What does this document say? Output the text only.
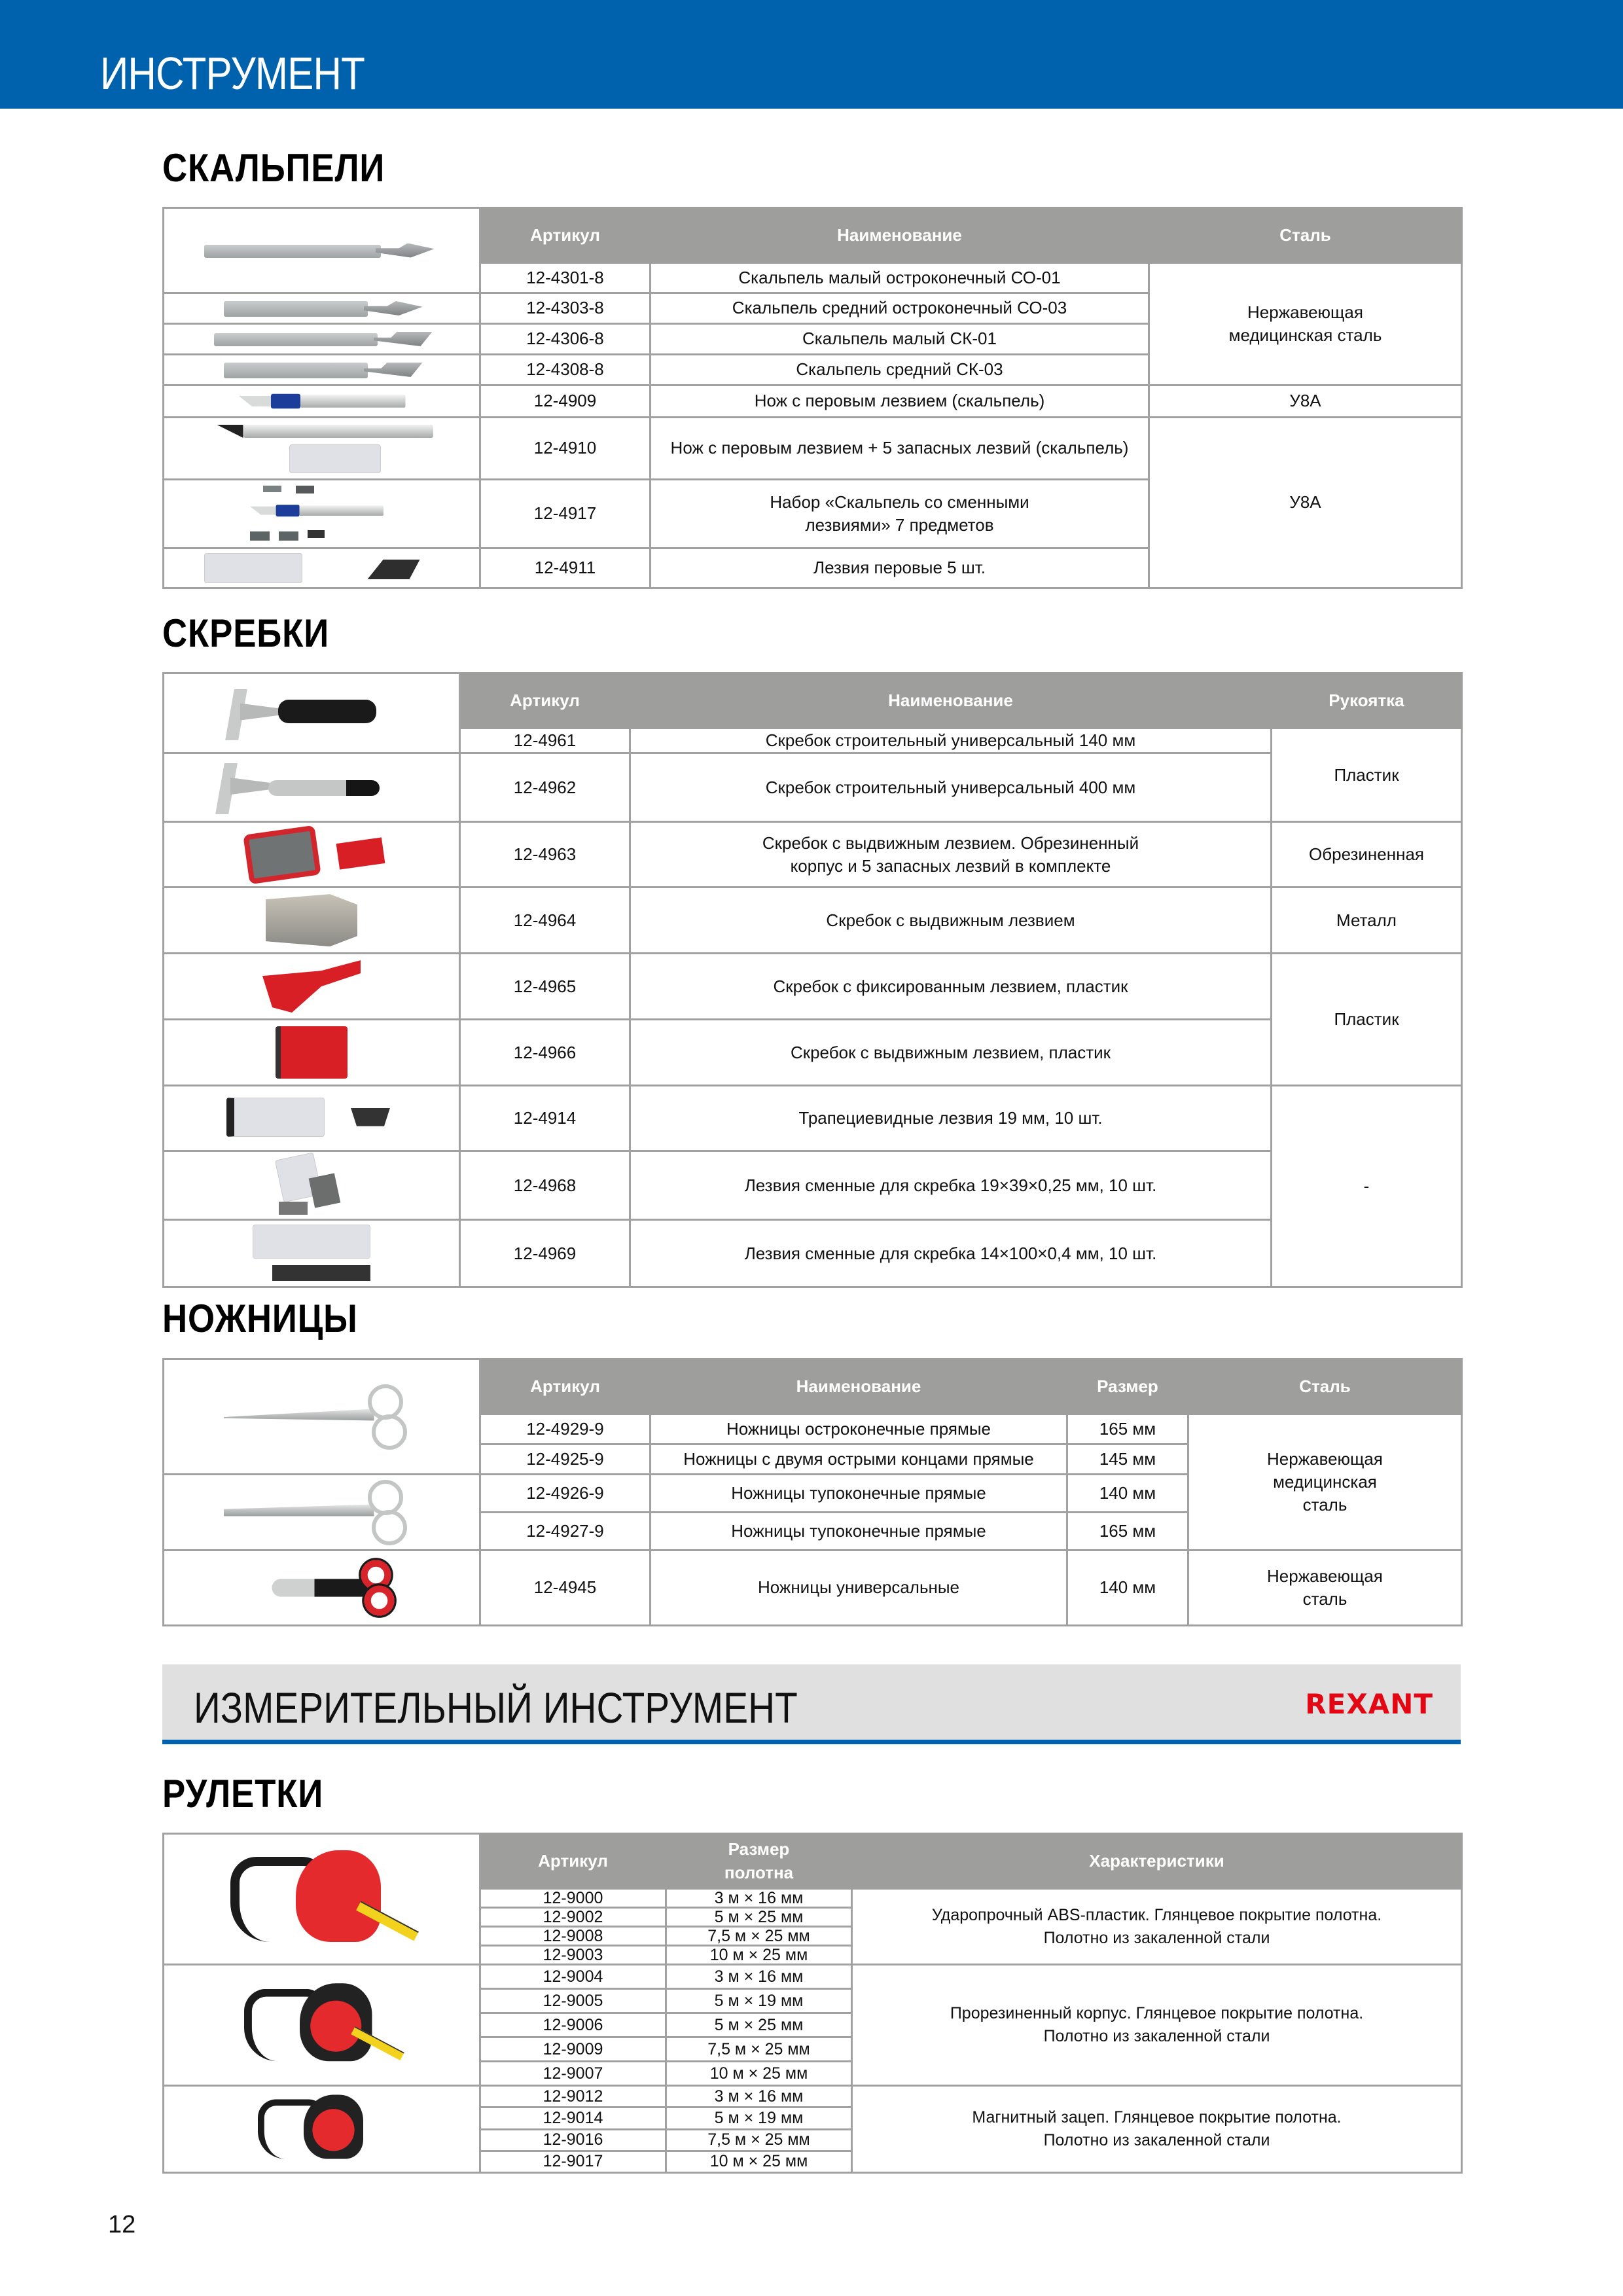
ИНСТРУМЕНТ
СКАЛЬПЕЛИ
	Артикул	Наименование	Сталь
	12-4301-8	Скальпель малый остроконечный СО-01	Нержавеющая медицинская сталь

	12-4303-8	Скальпель средний остроконечный СО-03	

	12-4306-8	Скальпель малый СК-01	

	12-4308-8	Скальпель средний СК-03	

	12-4909	Нож с перовым лезвием (скальпель)	У8А

	12-4910	Нож с перовым лезвием + 5 запасных лезвий (скальпель)	У8А

	12-4917	Набор «Скальпель со сменными лезвиями» 7 предметов	

	12-4911	Лезвия перовые 5 шт.	
СКРЕБКИ
	Артикул	Наименование	Рукоятка
	12-4961	Скребок строительный универсальный 140 мм	Пластик

	12-4962	Скребок строительный универсальный 400 мм	

	12-4963	Скребок с выдвижным лезвием. Обрезиненный корпус и 5 запасных лезвий в комплекте	Обрезиненная

	12-4964	Скребок с выдвижным лезвием	Металл

	12-4965	Скребок с фиксированным лезвием, пластик	Пластик

	12-4966	Скребок с выдвижным лезвием, пластик	

	12-4914	Трапециевидные лезвия 19 мм, 10 шт.	-

	12-4968	Лезвия сменные для скребка 19×39×0,25 мм, 10 шт.	

	12-4969	Лезвия сменные для скребка 14×100×0,4 мм, 10 шт.	
НОЖНИЦЫ
	Артикул	Наименование	Размер	Сталь
	12-4929-9	Ножницы остроконечные прямые	165 мм	Нержавеющая медицинская сталь
	12-4925-9	Ножницы с двумя острыми концами прямые	145 мм	

	12-4926-9	Ножницы тупоконечные прямые	140 мм	
	12-4927-9	Ножницы тупоконечные прямые	165 мм	

	12-4945	Ножницы универсальные	140 мм	Нержавеющая сталь
ИЗМЕРИТЕЛЬНЫЙ ИНСТРУМЕНТ	REXANT
РУЛЕТКИ
	Артикул	Размер полотна	Характеристики
	12-9000	3 м × 16 мм	Ударопрочный ABS-пластик. Глянцевое покрытие полотна.
Полотно из закаленной стали

	12-9002	5 м × 25 мм	
	12-9008	7,5 м × 25 мм	
	12-9003	10 м × 25 мм	

	12-9004	3 м × 16 мм	Прорезиненный корпус. Глянцевое покрытие полотна.
Полотно из закаленной стали

	12-9005	5 м × 19 мм	
	12-9006	5 м × 25 мм	
	12-9009	7,5 м × 25 мм	
	12-9007	10 м × 25 мм	

	12-9012	3 м × 16 мм	Магнитный зацеп. Глянцевое покрытие полотна.
Полотно из закаленной стали

	12-9014	5 м × 19 мм	
	12-9016	7,5 м × 25 мм	
	12-9017	10 м × 25 мм	
12
